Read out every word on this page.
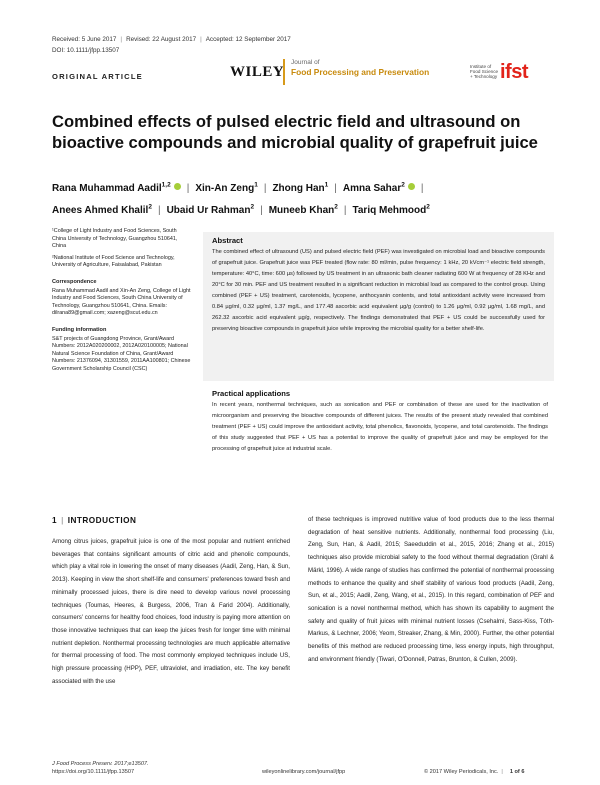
Received: 5 June 2017 | Revised: 22 August 2017 | Accepted: 12 September 2017
DOI: 10.1111/jfpp.13507
ORIGINAL ARTICLE	WILEY
Journal of
Food Processing and Preservation
Institute of Food Science + Technology ifst
Combined effects of pulsed electric field and ultrasound on bioactive compounds and microbial quality of grapefruit juice
Rana Muhammad Aadil$^{1,2}$ | Xin-An Zeng$^1$ | Zhong Han$^1$ | Amna Sahar$^2$ |
Anees Ahmed Khalil$^2$ | Ubaid Ur Rahman$^2$ | Muneeb Khan$^2$ | Tariq Mehmood$^2$

¹College of Light Industry and Food Sciences, South China University of Technology, Guangzhou 510641, China

²National Institute of Food Science and Technology, University of Agriculture, Faisalabad, Pakistan

Correspondence

Rana Muhammad Aadil and Xin-An Zeng, College of Light Industry and Food Sciences, South China University of Technology, Guangzhou 510641, China. Emails: dilrana89@gmail.com; xazeng@scut.edu.cn

Funding information

S&T projects of Guangdong Province, Grant/Award Numbers: 2012A020200002, 2012A020100005; National Natural Science Foundation of China, Grant/Award Numbers: 21376094, 31301559, 2011AA100801; Chinese Government Scholarship Council (CSC)

Abstract
The combined effect of ultrasound (US) and pulsed electric field (PEF) was investigated on microbial load and bioactive compounds of grapefruit juice. Grapefruit juice was PEF treated (flow rate: 80 ml/min, pulse frequency: 1 kHz, 20 kVcm⁻¹ electric field strength, temperature: 40°C, time: 600 µs) followed by US treatment in an ultrasonic bath cleaner radiating 600 W at frequency of 28 KHz and 20°C for 30 min. PEF and US treatment resulted in a significant reduction in microbial load as compared to the control group. Using combined (PEF + US) treatment, carotenoids, lycopene, anthocyanin contents, and total antioxidant activity were increased from 0.84 µg/ml, 0.32 µg/ml, 1.37 mg/L, and 177.48 ascorbic acid equivalent µg/g (control) to 1.26 µg/ml, 0.92 µg/ml, 1.68 mg/L, and 262.32 ascorbic acid equivalent µg/g, respectively. The findings demonstrated that PEF + US could be successfully used for preserving bioactive compounds in grapefruit juice while improving the microbial quality for a better shelf-life.
Practical applications
In recent years, nonthermal techniques, such as sonication and PEF or combination of these are used for the inactivation of microorganism and preserving the bioactive compounds of different juices. The results of the present study revealed that combined treatment (PEF + US) could improve the antioxidant activity, total phenolics, flavonoids, lycopene, and total carotenoids. The findings of this study suggested that PEF + US has a potential to improve the quality of grapefruit juice and may be employed for the processing of grapefruit juice at industrial scale.
1 | INTRODUCTION
Among citrus juices, grapefruit juice is one of the most popular and nutrient enriched beverages that contains significant amounts of citric acid and phenolic compounds, which play a vital role in lowering the onset of many diseases (Aadil, Zeng, Han, & Sun, 2013). Keeping in view the short shelf-life and consumers' preferences toward fresh and minimally processed juices, there is dire need to develop various novel processing techniques (Toumas, Heeres, & Burgess, 2006, Tran & Farid 2004). Additionally, consumers' concerns for healthy food choices, food industry is paying more attention on those innovative techniques that can keep the juices fresh for longer time with minimal nutrient depletion. Nonthermal processing technologies are much applicable alternative for thermal processing of food. The most commonly employed techniques include US, high pressure processing (HPP), PEF, ultraviolet, and irradiation, etc. The key benefit associated with the use
of these techniques is improved nutritive value of food products due to the less thermal degradation of heat sensitive nutrients. Additionally, nonthermal food processing (Liu, Zeng, Sun, Han, & Aadil, 2015; Saeeduddin et al., 2015, 2016; Zhang et al., 2015) techniques also provide microbial safety to the food without thermal degradation (Grahl & Märkl, 1996). A wide range of studies has confirmed the potential of nonthermal processing methods to enhance the quality and shelf stability of various food products (Aadil, Zeng, Sun, et al., 2015; Aadil, Zeng, Wang, et al., 2015). In this regard, combination of PEF and sonication is a novel nonthermal method, which has shown its capability to augment the safety and quality of fruit juices with minimal nutrient losses (Csehalmi, Sass-Kiss, Tóth-Markus, & Lechner, 2006; Yeom, Streaker, Zhang, & Min, 2000). Further, the other potential benefits of this method are reduced processing time, less energy inputs, high throughput, and environment friendly (Tiwari, O'Donnell, Patras, Brunton, & Cullen, 2009).
J Food Process Preserv. 2017;e13507.
https://doi.org/10.1111/jfpp.13507	wileyonlinelibrary.com/journal/jfpp	© 2017 Wiley Periodicals, Inc. | 1 of 6
